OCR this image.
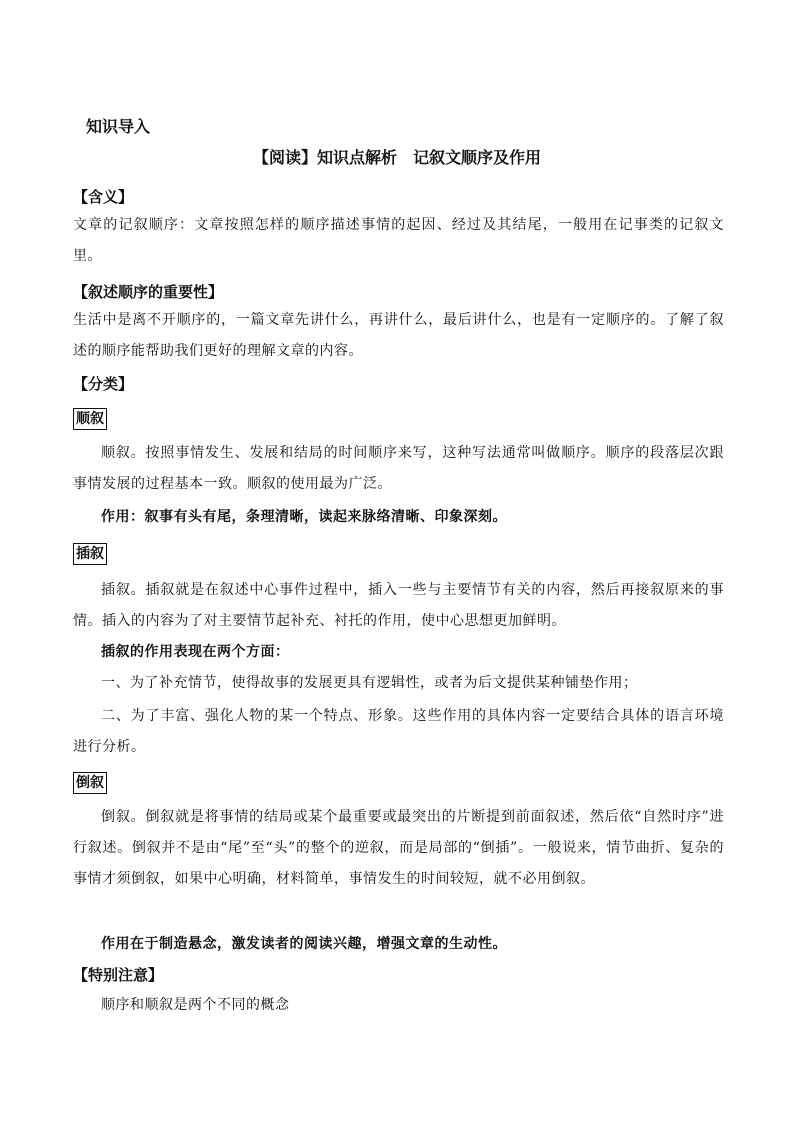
知识导入
【阅读】知识点解析　记叙文顺序及作用
【含义】

文章的记叙顺序：文章按照怎样的顺序描述事情的起因、经过及其结尾，一般用在记事类的记叙文里。

【叙述顺序的重要性】

生活中是离不开顺序的，一篇文章先讲什么，再讲什么，最后讲什么，也是有一定顺序的。了解了叙述的顺序能帮助我们更好的理解文章的内容。

【分类】
顺叙

顺叙。按照事情发生、发展和结局的时间顺序来写，这种写法通常叫做顺序。顺序的段落层次跟事情发展的过程基本一致。顺叙的使用最为广泛。

作用：叙事有头有尾，条理清晰，读起来脉络清晰、印象深刻。

插叙

插叙。插叙就是在叙述中心事件过程中，插入一些与主要情节有关的内容，然后再接叙原来的事情。插入的内容为了对主要情节起补充、衬托的作用，使中心思想更加鲜明。

插叙的作用表现在两个方面：

一、为了补充情节，使得故事的发展更具有逻辑性，或者为后文提供某种铺垫作用；

二、为了丰富、强化人物的某一个特点、形象。这些作用的具体内容一定要结合具体的语言环境进行分析。

倒叙

倒叙。倒叙就是将事情的结局或某个最重要或最突出的片断提到前面叙述，然后依“自然时序”进行叙述。倒叙并不是由“尾”至“头”的整个的逆叙，而是局部的“倒插”。一般说来，情节曲折、复杂的事情才须倒叙，如果中心明确，材料简单，事情发生的时间较短，就不必用倒叙。

作用在于制造悬念，激发读者的阅读兴趣，增强文章的生动性。

【特别注意】

顺序和顺叙是两个不同的概念
